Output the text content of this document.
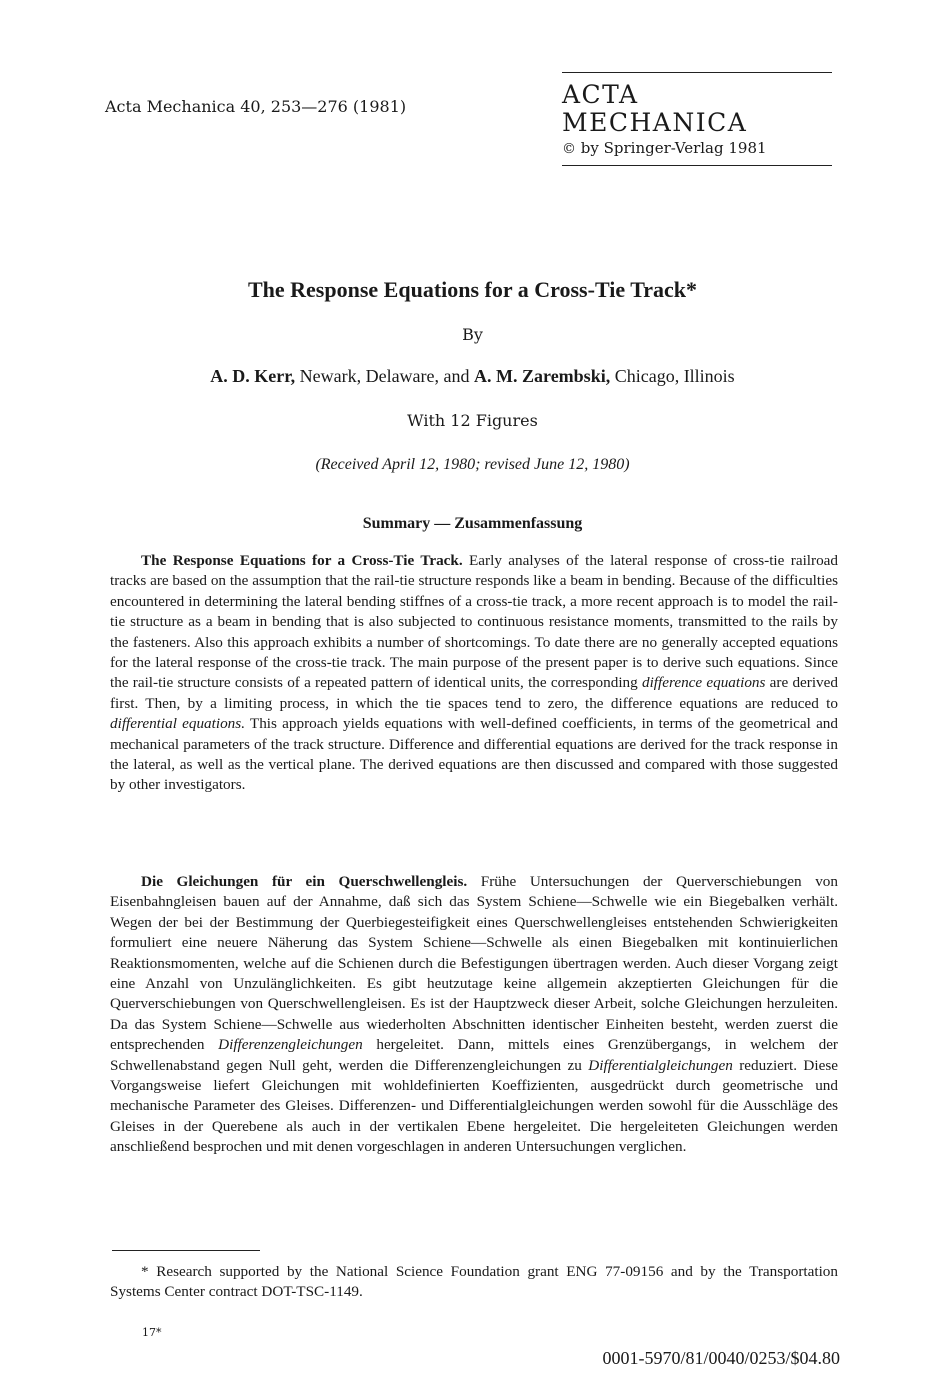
Acta Mechanica 40, 253—276 (1981)	ACTA MECHANICA
© by Springer-Verlag 1981
The Response Equations for a Cross-Tie Track*
By
A. D. Kerr, Newark, Delaware, and A. M. Zarembski, Chicago, Illinois
With 12 Figures
(Received April 12, 1980; revised June 12, 1980)
Summary — Zusammenfassung
The Response Equations for a Cross-Tie Track. Early analyses of the lateral response of cross-tie railroad tracks are based on the assumption that the rail-tie structure responds like a beam in bending. Because of the difficulties encountered in determining the lateral bending stiffnes of a cross-tie track, a more recent approach is to model the rail-tie structure as a beam in bending that is also subjected to continuous resistance moments, transmitted to the rails by the fasteners. Also this approach exhibits a number of shortcomings. To date there are no generally accepted equations for the lateral response of the cross-tie track. The main purpose of the present paper is to derive such equations. Since the rail-tie structure consists of a repeated pattern of identical units, the corresponding difference equations are derived first. Then, by a limiting process, in which the tie spaces tend to zero, the difference equations are reduced to differential equations. This approach yields equations with well-defined coefficients, in terms of the geometrical and mechanical parameters of the track structure. Difference and differential equations are derived for the track response in the lateral, as well as the vertical plane. The derived equations are then discussed and compared with those suggested by other investigators.
Die Gleichungen für ein Querschwellengleis. Frühe Untersuchungen der Querverschiebungen von Eisenbahngleisen bauen auf der Annahme, daß sich das System Schiene—Schwelle wie ein Biegebalken verhält. Wegen der bei der Bestimmung der Querbiegesteifigkeit eines Querschwellengleises entstehenden Schwierigkeiten formuliert eine neuere Näherung das System Schiene—Schwelle als einen Biegebalken mit kontinuierlichen Reaktionsmomenten, welche auf die Schienen durch die Befestigungen übertragen werden. Auch dieser Vorgang zeigt eine Anzahl von Unzulänglichkeiten. Es gibt heutzutage keine allgemein akzeptierten Gleichungen für die Querverschiebungen von Querschwellengleisen. Es ist der Hauptzweck dieser Arbeit, solche Gleichungen herzuleiten. Da das System Schiene—Schwelle aus wiederholten Abschnitten identischer Einheiten besteht, werden zuerst die entsprechenden Differenzengleichungen hergeleitet. Dann, mittels eines Grenzübergangs, in welchem der Schwellenabstand gegen Null geht, werden die Differenzengleichungen zu Differentialgleichungen reduziert. Diese Vorgangsweise liefert Gleichungen mit wohldefinierten Koeffizienten, ausgedrückt durch geometrische und mechanische Parameter des Gleises. Differenzen- und Differentialgleichungen werden sowohl für die Ausschläge des Gleises in der Querebene als auch in der vertikalen Ebene hergeleitet. Die hergeleiteten Gleichungen werden anschließend besprochen und mit denen vorgeschlagen in anderen Untersuchungen verglichen.
* Research supported by the National Science Foundation grant ENG 77-09156 and by the Transportation Systems Center contract DOT-TSC-1149.
17*
0001-5970/81/0040/0253/$04.80
